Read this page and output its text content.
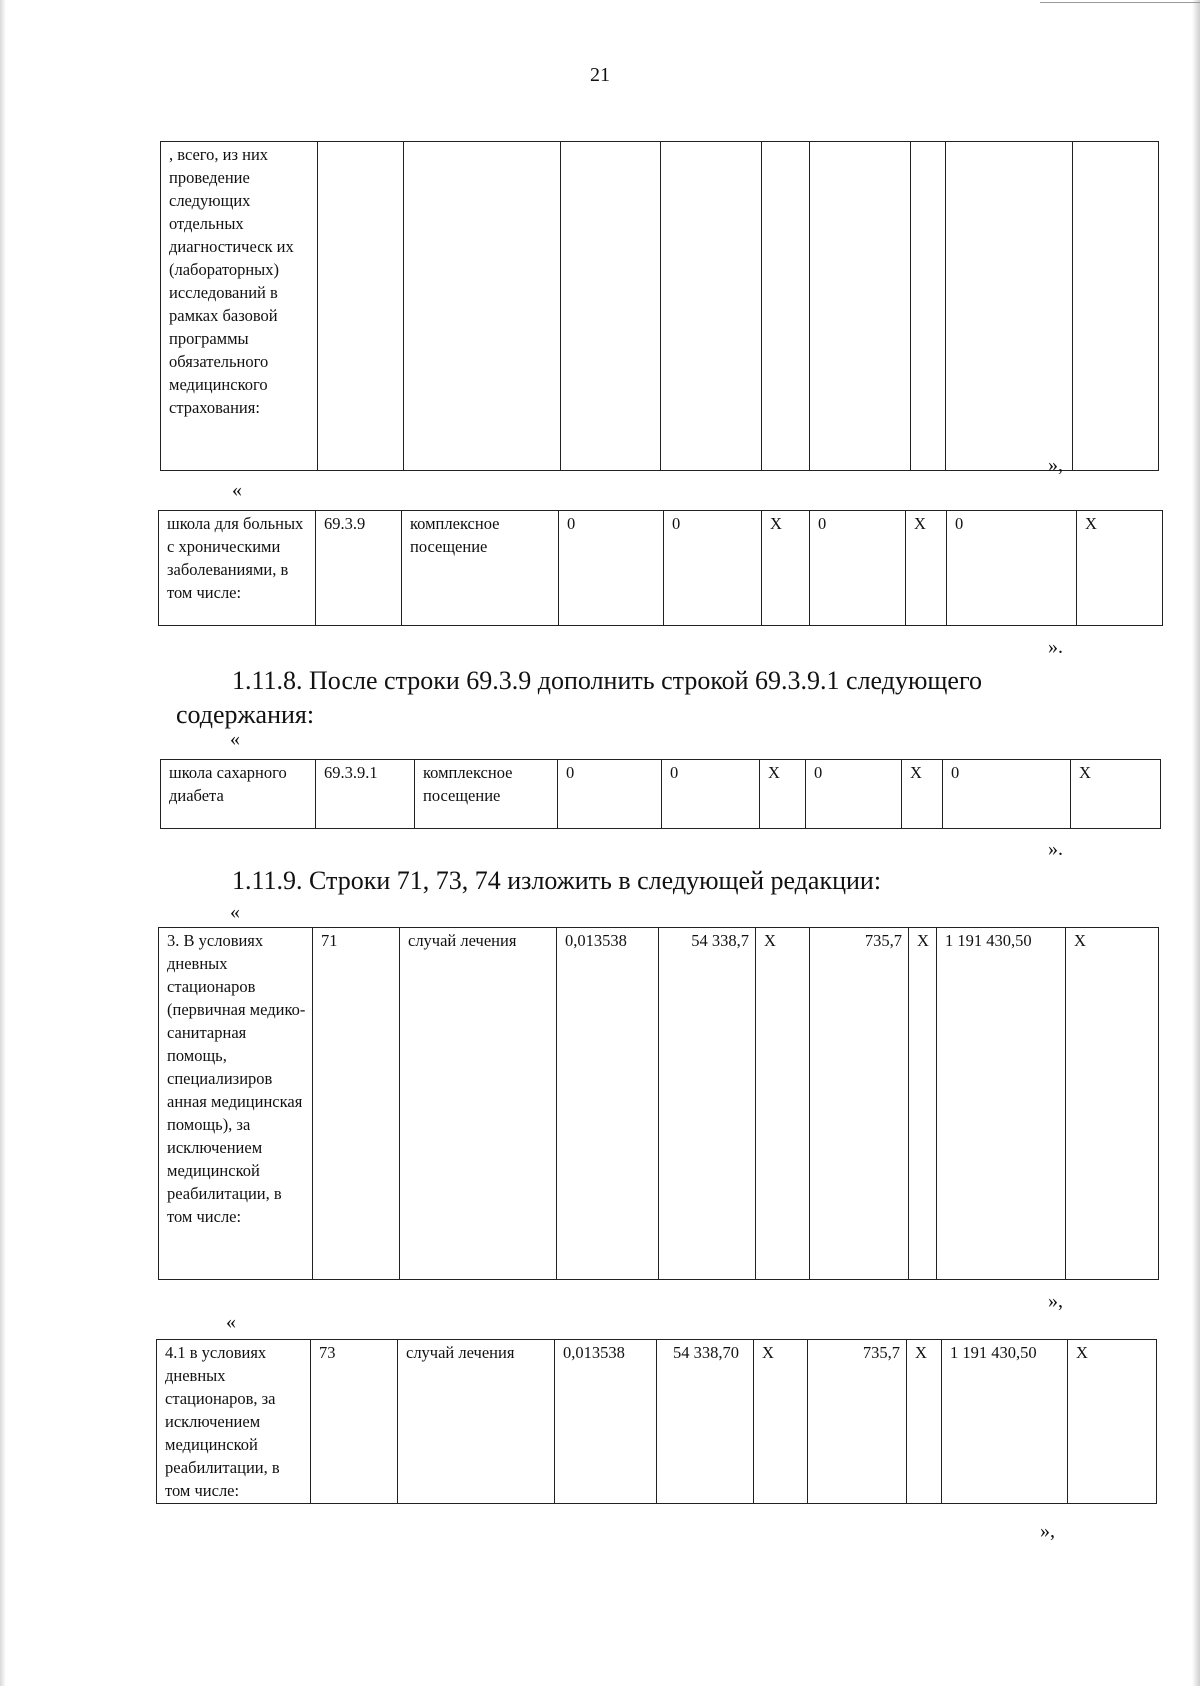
21
, всего, из них проведение следующих отдельных диагностическ их (лабораторных) исследований в рамках базовой программы обязательного медицинского страхования:									
»,
«
школа для больных с хроническими заболеваниями, в том числе:	69.3.9	комплексное посещение	0	0	Х	0	Х	0	Х
».
1.11.8. После строки 69.3.9 дополнить строкой 69.3.9.1 следующего содержания:
«
школа сахарного диабета	69.3.9.1	комплексное посещение	0	0	Х	0	Х	0	Х
».
1.11.9. Строки 71, 73, 74 изложить в следующей редакции:
«
3. В условиях дневных стационаров (первичная медико-санитарная помощь, специализиров анная медицинская помощь), за исключением медицинской реабилитации, в том числе:	71	случай лечения	0,013538	54 338,7	Х	735,7	Х	1 191 430,50	Х
»,
«
4.1 в условиях дневных стационаров, за исключением медицинской реабилитации, в том числе:	73	случай лечения	0,013538	54 338,70	Х	735,7	Х	1 191 430,50	Х
»,
